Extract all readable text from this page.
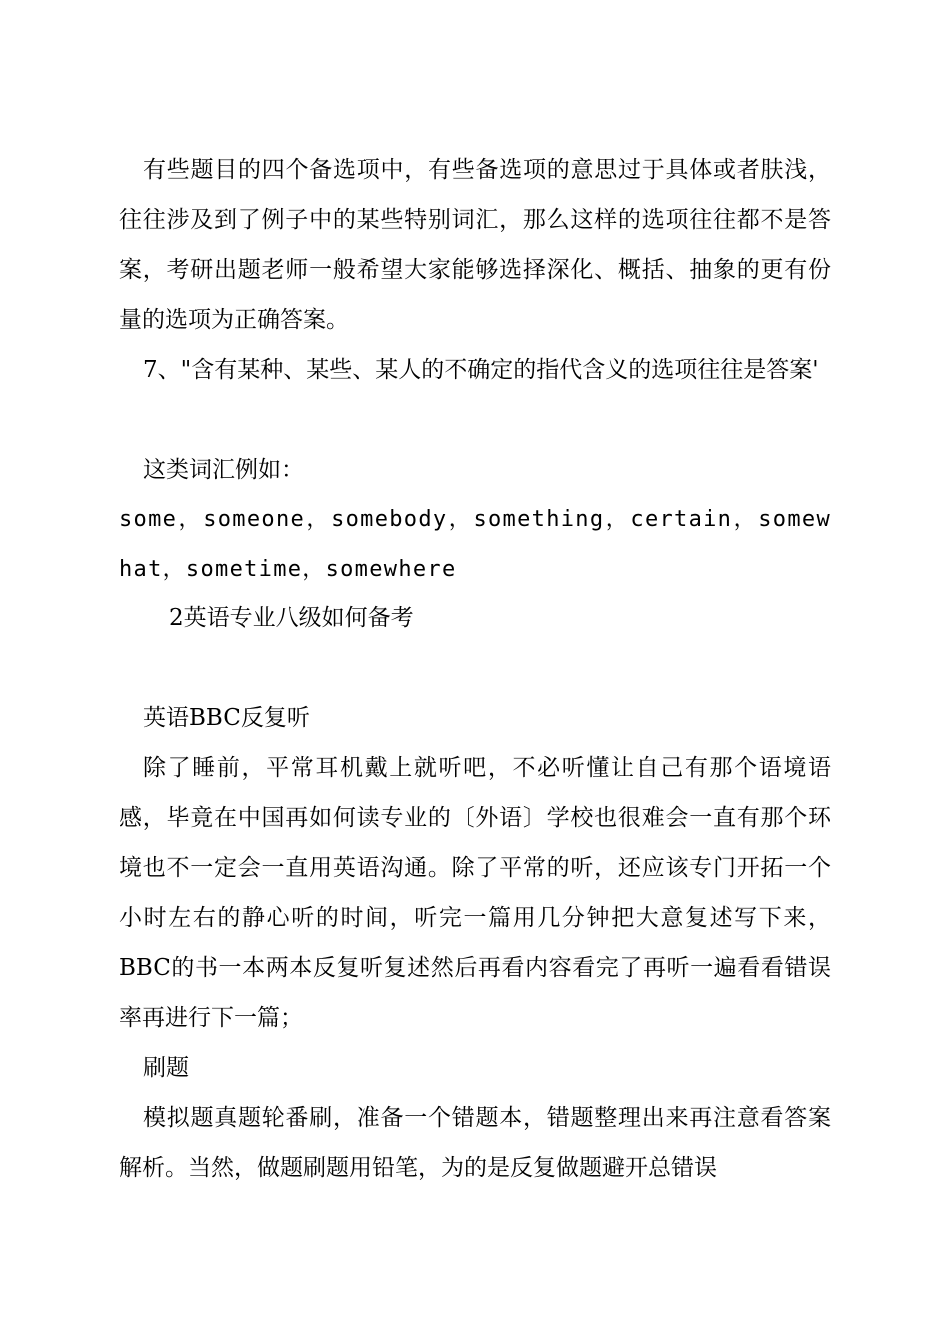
有些题目的四个备选项中，有些备选项的意思过于具体或者肤浅，往往涉及到了例子中的某些特别词汇，那么这样的选项往往都不是答案，考研出题老师一般希望大家能够选择深化、概括、抽象的更有份量的选项为正确答案。

7、"含有某种、某些、某人的不确定的指代含义的选项往往是答案'

这类词汇例如：

some，someone，somebody，something，certain，somewhat，sometime，somewhere

2英语专业八级如何备考

英语BBC反复听

除了睡前，平常耳机戴上就听吧，不必听懂让自己有那个语境语感，毕竟在中国再如何读专业的〔外语〕学校也很难会一直有那个环境也不一定会一直用英语沟通。除了平常的听，还应该专门开拓一个小时左右的静心听的时间，听完一篇用几分钟把大意复述写下来，BBC的书一本两本反复听复述然后再看内容看完了再听一遍看看错误率再进行下一篇；

刷题

模拟题真题轮番刷，准备一个错题本，错题整理出来再注意看答案解析。当然，做题刷题用铅笔，为的是反复做题避开总错误
